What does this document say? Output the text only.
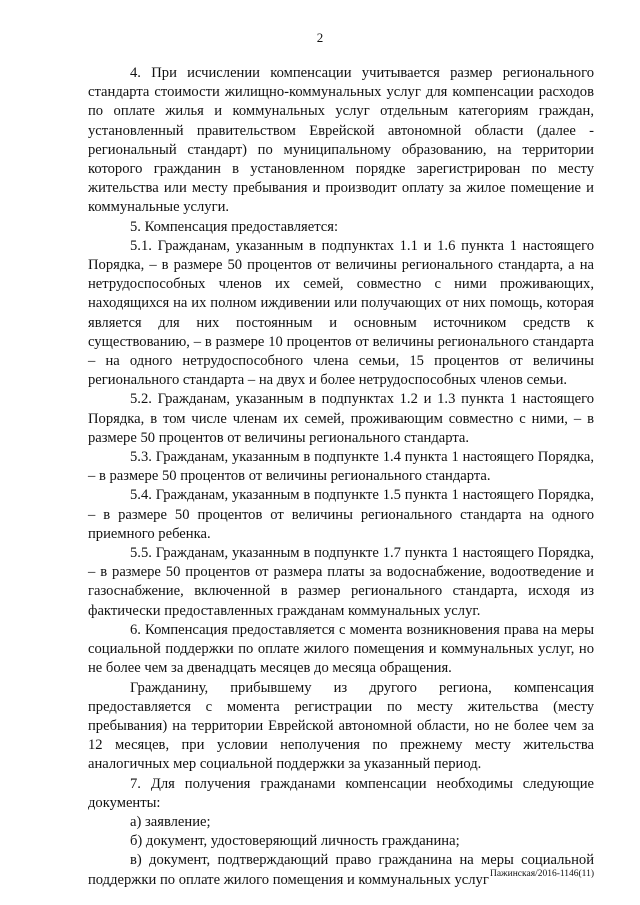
2

4. При исчислении компенсации учитывается размер регионального стандарта стоимости жилищно-коммунальных услуг для компенсации расходов по оплате жилья и коммунальных услуг отдельным категориям граждан, установленный правительством Еврейской автономной области (далее - региональный стандарт) по муниципальному образованию, на территории которого гражданин в установленном порядке зарегистрирован по месту жительства или месту пребывания и производит оплату за жилое помещение и коммунальные услуги.

5. Компенсация предоставляется:

5.1. Гражданам, указанным в подпунктах 1.1 и 1.6 пункта 1 настоящего Порядка, – в размере 50 процентов от величины регионального стандарта, а на нетрудоспособных членов их семей, совместно с ними проживающих, находящихся на их полном иждивении или получающих от них помощь, которая является для них постоянным и основным источником средств к существованию, – в размере 10 процентов от величины регионального стандарта – на одного нетрудоспособного члена семьи, 15 процентов от величины регионального стандарта – на двух и более нетрудоспособных членов семьи.

5.2. Гражданам, указанным в подпунктах 1.2 и 1.3 пункта 1 настоящего Порядка, в том числе членам их семей, проживающим совместно с ними, – в размере 50 процентов от величины регионального стандарта.

5.3. Гражданам, указанным в подпункте 1.4 пункта 1 настоящего Порядка, – в размере 50 процентов от величины регионального стандарта.

5.4. Гражданам, указанным в подпункте 1.5 пункта 1 настоящего Порядка, – в размере 50 процентов от величины регионального стандарта на одного приемного ребенка.

5.5. Гражданам, указанным в подпункте 1.7 пункта 1 настоящего Порядка, – в размере 50 процентов от размера платы за водоснабжение, водоотведение и газоснабжение, включенной в размер регионального стандарта, исходя из фактически предоставленных гражданам коммунальных услуг.

6. Компенсация предоставляется с момента возникновения права на меры социальной поддержки по оплате жилого помещения и коммунальных услуг, но не более чем за двенадцать месяцев до месяца обращения.

Гражданину, прибывшему из другого региона, компенсация предоставляется с момента регистрации по месту жительства (месту пребывания) на территории Еврейской автономной области, но не более чем за 12 месяцев, при условии неполучения по прежнему месту жительства аналогичных мер социальной поддержки за указанный период.

7. Для получения гражданами компенсации необходимы следующие документы:

а) заявление;

б) документ, удостоверяющий личность гражданина;

в) документ, подтверждающий право гражданина на меры социальной поддержки по оплате жилого помещения и коммунальных услуг Пажинская/2016-1146(11)
